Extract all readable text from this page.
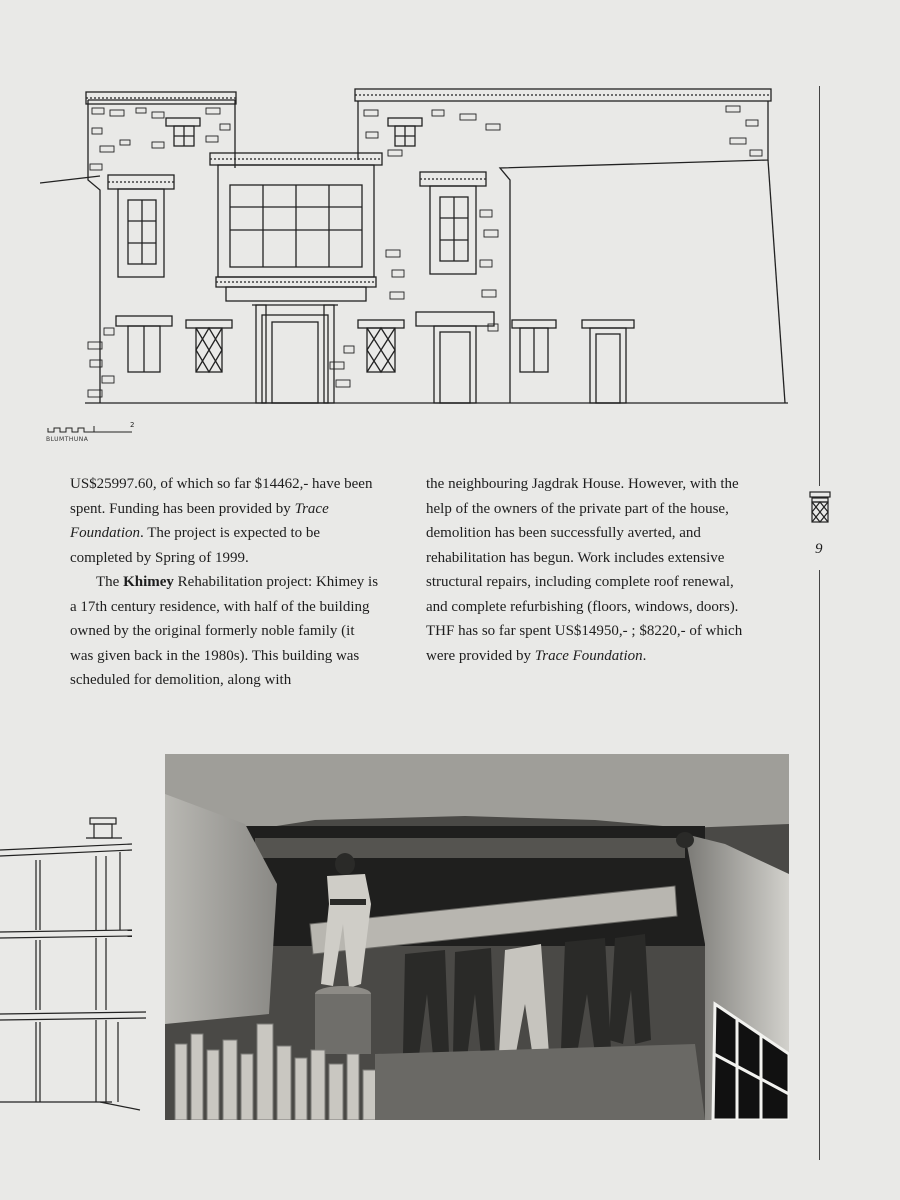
BLUMTHUNA
2

US$25997.60, of which so far $14462,- have been spent. Funding has been provided by Trace Foundation. The project is expected to be completed by Spring of 1999.

The Khimey Rehabilitation project: Khimey is a 17th century residence, with half of the building owned by the original formerly noble family (it was given back in the 1980s). This building was scheduled for demolition, along with

the neighbouring Jagdrak House. However, with the help of the owners of the private part of the house, demolition has been successfully averted, and rehabilitation has begun. Work includes extensive structural repairs, including complete roof renewal, and complete refurbishing (floors, windows, doors). THF has so far spent US$14950,- ; $8220,- of which were provided by Trace Foundation.

9
